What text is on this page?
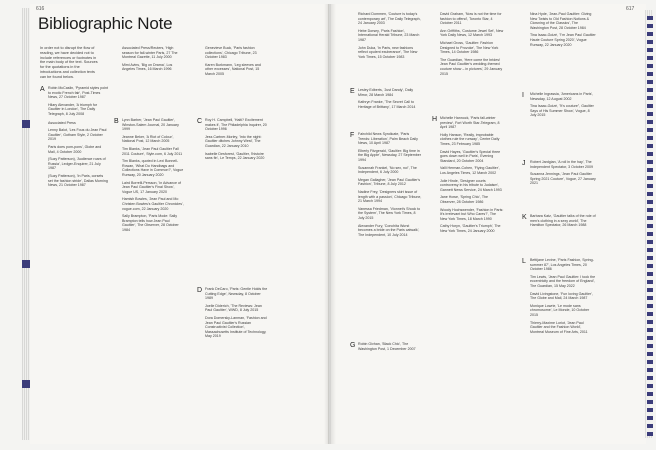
616
Bibliographic Note
In order not to disrupt the flow of reading, we have decided not to include references or footnotes in the main body of the text. Sources for the quotations in the introductions and collection texts can be found below.
A Robin McCaslin, 'Pyramid styles point to exotic French fair', Post-Times News, 27 October 1987
Hilary Alexander, 'A triumph for Gaultier in London', The Daily Telegraph, 8 July 2008
Associated Press
Lenny Balot, 'Les Fous du Jean Paul Gaultier', Gotham Style, 2 October 2019
Paris does pom-pons', Globe and Mail, 4 October 2000
(Suzy Patterson), 'Audience roars of Russia', Ledger-Enquirer, 21 July 1987
(Suzy Patterson), 'In Paris, corsets set the fashion stride', Dallas Morning News, 21 October 1987
Associated Press/Reuters, 'High season for fall-winter Paris, 27 The Montreal Gazette, 11 July 2000
Mimi Avins, 'Big on Drama', Los Angeles Times, 16 March 1996
B Lynn Barber, 'Jean Paul Gaultier', Winston-Salem Journal, 20 January 1999
Jeanne Beker, 'A Riot of Colour', National Post, 12 March 2005
Tim Blanks, 'Jean Paul Gaultier Fall 2011 Couture', Style.com, 6 July 2011
Tim Blanks, quoted in Lexi Bonnell-Rowan, 'What Do Handbags and Collections Have in Common?', Vogue Runway, 20 January 2020
Laird Borrelli-Persson, 'In Advance of Jean Paul Gaultier's Final Show', Vogue US, 17 January 2020
Hamish Bowles, 'Jean Paul and Mo Christen Bowles's Gaultier Chronicles', vogue.com, 22 January 2020
Sally Brampton, 'Paris Mode: Sally Brampton tells how Jean Paul Gaultier', The Observer, 28 October 1984
Genevieve Buck, 'Paris fashion collections', Chicago Tribune, 23 October 1983
Karen Burkmann, 'Leg sleeves and other excesses', National Post, 15 March 2005
C Roy H. Campbell, 'Haiti? Excitement makes it', The Philadelphia Inquirer, 20 October 1996
Jess Cartner-Morley, 'Into the night: Gaultier ditches Johnny West', The Guardian, 22 January 2010
Isabelle Desforest, 'Gaultier, l'histoire sans fin', Le Temps, 22 January 2020
D Frank DeCaro, 'Paris: Gentle Holds the Cutting Edge', Newsday, 8 October 1989
Joelle Diderich, 'The Reviews: Jean Paul Gaultier', WWD, 8 July 2015
Dora Domersky-Lanman, 'Fashion and Jean Paul Gaultier's Russian Constructivist Collection', Massachusetts Institute of Technology, May 2019
617
Richard Dommen, 'Couture is today's contemporary art', The Daily Telegraph, 24 January 2003
Hebe Dorsey, 'Paris Fashion', International Herald Tribune, 23 March 1987
John Duka, 'In Paris, new fashions reflect opulent exuberance', The New York Times, 15 October 1983
E Lesley Edberts, 'Just Dandy', Daily Mirror, 28 March 1984
Kathryn Franke, 'The Secret Call to Heritage of Brittany', 17 March 2014
F Fairchild News Syndicate, 'Paris Trends: Liberation', Palm Beach Daily News, 10 April 1987
Elberly Fitzgerald, 'Gaultier: Big time in the Big Apple', Newsday, 27 September 1994
Susannah Frankel, 'No sex, no!', The Independent, 6 July 2000
Megan Gallagher, 'Jean Paul Gaultier's Fashion', Tribune, 8 July 2012
Nadine Frey, 'Designers skirt issue of length with a passion', Chicago Tribune, 21 March 1994
Vanessa Friedman, 'Vionnet's Shock to the System', The New York Times, 8 July 2015
Alexander Fury, 'Conchita Wurst becomes a bride on the Paris catwalk', The Independent, 10 July 2014
G Robin Givhan, 'Black Chic', The Washington Post, 1 December 2007
David Graham, 'Now is not the time for fashion to offend', Toronto Star, 4 October 2011
Ann Griffiths, 'Costume Jewel Set', New York Daily News, 12 March 1993
Michael Gross, 'Gaultier: Fashion Designed to Provoke', The New York Times, 14 October 1986
The Guardian, 'Here come the brides! Jean Paul Gaultier's wedding-themed couture show – in pictures', 29 January 2015
H Michelle Hannock, 'Paris fall-winter preview', Fort Worth Star-Telegram, 8 April 1987
Holly Hanson, 'Really, improbable clothes rule the runway', Centre Daily Times, 23 February 1985
David Hayes, 'Gaultier's Special three goes down well in Paris', Evening Standard, 20 October 2004
Valli Herman-Cohen, 'Flying Gaultier', Los Angeles Times, 12 March 2002
Julie Hinde, 'Designer courts controversy in his tribute to Judaism', Gannett News Service, 24 March 1993
Jane Howe, 'Spring Chic', The Observer, 28 October 1986
Woody Hochswender, 'Fashion in Paris: It's irrelevant but Who Cares?', The New York Times, 18 March 1990
Cathy Horyn, 'Gaultier's Triumph', The New York Times, 24 January 2000
Nina Hyde, 'Jean-Paul Gaultier: Giving New Twists to Old Fashion Notions & Clowning of the Classics', The Washington Post, 28 October 1984
Tina Isaac-Goizé, ''I'm Jean Paul Gaultier Haute Couture Spring 2020', Vogue Runway, 22 January 2020
I Michelle Ingrassia, 'Americans in Paris', Newsday, 12 August 2002
Tina Isaac-Goizé, ''It's couture'', Gaultier Says of His Summer Show', Vogue, 8 July 2015
J Robert Jardgian, 'A roll in the hay', The Independent Spectator, 3 October 2009
Susanna Jennings, 'Jean Paul Gaultier Spring 2021 Couture', Vogue, 27 January 2021
K Barbara Katz, 'Gaultier talks of the role of men's clothing in a sexy world', The Hamilton Spectator, 26 March 1988
L Bettijane Levine, 'Paris Fashion, Spring-summer 87', Los Angeles Times, 20 October 1986
Tim Lewis, 'Jean Paul Gaultier: I took the eccentricity and the freedom of England', The Guardian, 15 May 2022
David Livingstone, 'Fun loving Gaultier', The Globe and Mail, 24 March 1987
Monique Lowrie, 'Le mode sans chromosome', Le Monde, 10 October 2015
Thierry-Maxime Loriot, 'Jean Paul Gaultier and the Fashion World', Montreal Museum of Fine Arts, 2011
